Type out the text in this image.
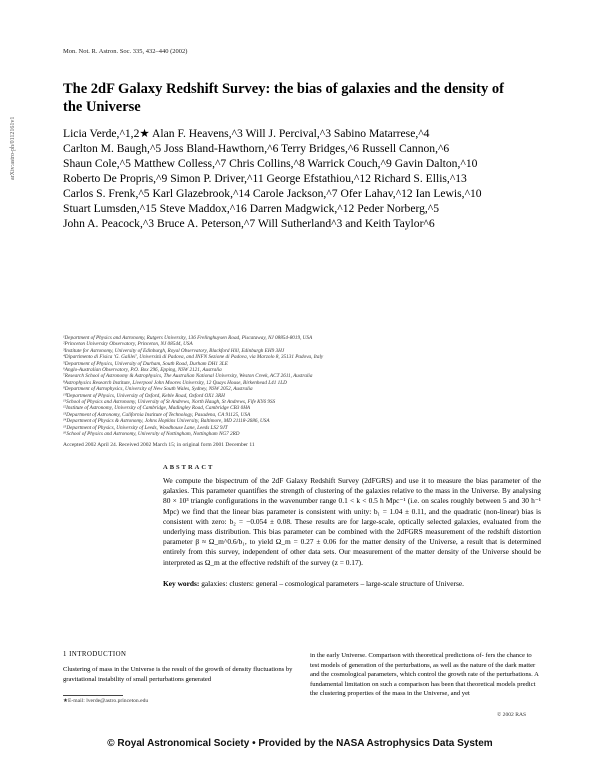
arXiv:astro-ph/0112161v1
Mon. Not. R. Astron. Soc. 335, 432–440 (2002)
The 2dF Galaxy Redshift Survey: the bias of galaxies and the density of the Universe
Licia Verde,^1,2★ Alan F. Heavens,^3 Will J. Percival,^3 Sabino Matarrese,^4
Carlton M. Baugh,^5 Joss Bland-Hawthorn,^6 Terry Bridges,^6 Russell Cannon,^6
Shaun Cole,^5 Matthew Colless,^7 Chris Collins,^8 Warrick Couch,^9 Gavin Dalton,^10
Roberto De Propris,^9 Simon P. Driver,^11 George Efstathiou,^12 Richard S. Ellis,^13
Carlos S. Frenk,^5 Karl Glazebrook,^14 Carole Jackson,^7 Ofer Lahav,^12 Ian Lewis,^10
Stuart Lumsden,^15 Steve Maddox,^16 Darren Madgwick,^12 Peder Norberg,^5
John A. Peacock,^3 Bruce A. Peterson,^7 Will Sutherland^3 and Keith Taylor^6
¹Department of Physics and Astronomy, Rutgers University, 136 Frelinghuysen Road, Piscataway, NJ 08854-8019, USA
²Princeton University Observatory, Princeton, NJ 08544, USA
³Institute for Astronomy, University of Edinburgh, Royal Observatory, Blackford Hill, Edinburgh EH9 3HJ
⁴Dipartimento di Fisica 'G. Galilei', Università di Padova, and INFN Sezione di Padova, via Marzolo 8, 35131 Padova, Italy
⁵Department of Physics, University of Durham, South Road, Durham DH1 3LE
⁶Anglo-Australian Observatory, P.O. Box 296, Epping, NSW 2121, Australia
⁷Research School of Astronomy & Astrophysics, The Australian National University, Weston Creek, ACT 2611, Australia
⁸Astrophysics Research Institute, Liverpool John Moores University, 12 Quays House, Birkenhead L41 1LD
⁹Department of Astrophysics, University of New South Wales, Sydney, NSW 2052, Australia
¹⁰Department of Physics, University of Oxford, Keble Road, Oxford OX1 3RH
¹¹School of Physics and Astronomy, University of St Andrews, North Haugh, St Andrews, Fife KY6 9SS
¹²Institute of Astronomy, University of Cambridge, Madingley Road, Cambridge CB3 0HA
¹³Department of Astronomy, California Institute of Technology, Pasadena, CA 91125, USA
¹⁴Department of Physics & Astronomy, Johns Hopkins University, Baltimore, MD 21118-2686, USA
¹⁵Department of Physics, University of Leeds, Woodhouse Lane, Leeds LS2 9JT
¹⁶School of Physics and Astronomy, University of Nottingham, Nottingham NG7 2RD
Accepted 2002 April 24. Received 2002 March 15; in original form 2001 December 11
ABSTRACT
We compute the bispectrum of the 2dF Galaxy Redshift Survey (2dFGRS) and use it to measure the bias parameter of the galaxies. This parameter quantifies the strength of clustering of the galaxies relative to the mass in the Universe. By analysing 80 × 10³ triangle configurations in the wavenumber range 0.1 < k < 0.5 h Mpc⁻¹ (i.e. on scales roughly between 5 and 30 h⁻¹ Mpc) we find that the linear bias parameter is consistent with unity: b₁ = 1.04 ± 0.11, and the quadratic (non-linear) bias is consistent with zero: b₂ = −0.054 ± 0.08. These results are for large-scale, optically selected galaxies, evaluated from the underlying mass distribution. This bias parameter can be combined with the 2dFGRS measurement of the redshift distortion parameter β ≈ Ω_m^0.6/b₁, to yield Ω_m = 0.27 ± 0.06 for the matter density of the Universe, a result that is determined entirely from this survey, independent of other data sets. Our measurement of the matter density of the Universe should be interpreted as Ω_m at the effective redshift of the survey (z = 0.17).
Key words: galaxies: clusters: general – cosmological parameters – large-scale structure of Universe.
1 INTRODUCTION
Clustering of mass in the Universe is the result of the growth of density fluctuations by gravitational instability of small perturbations generated
in the early Universe. Comparison with theoretical predictions of- fers the chance to test models of generation of the perturbations, as well as the nature of the dark matter and the cosmological parameters, which control the growth rate of the perturbations. A fundamental limitation on such a comparison has been that theoretical models predict the clustering properties of the mass in the Universe, and yet
★E-mail: lverde@astro.princeton.edu
© 2002 RAS
© Royal Astronomical Society • Provided by the NASA Astrophysics Data System
